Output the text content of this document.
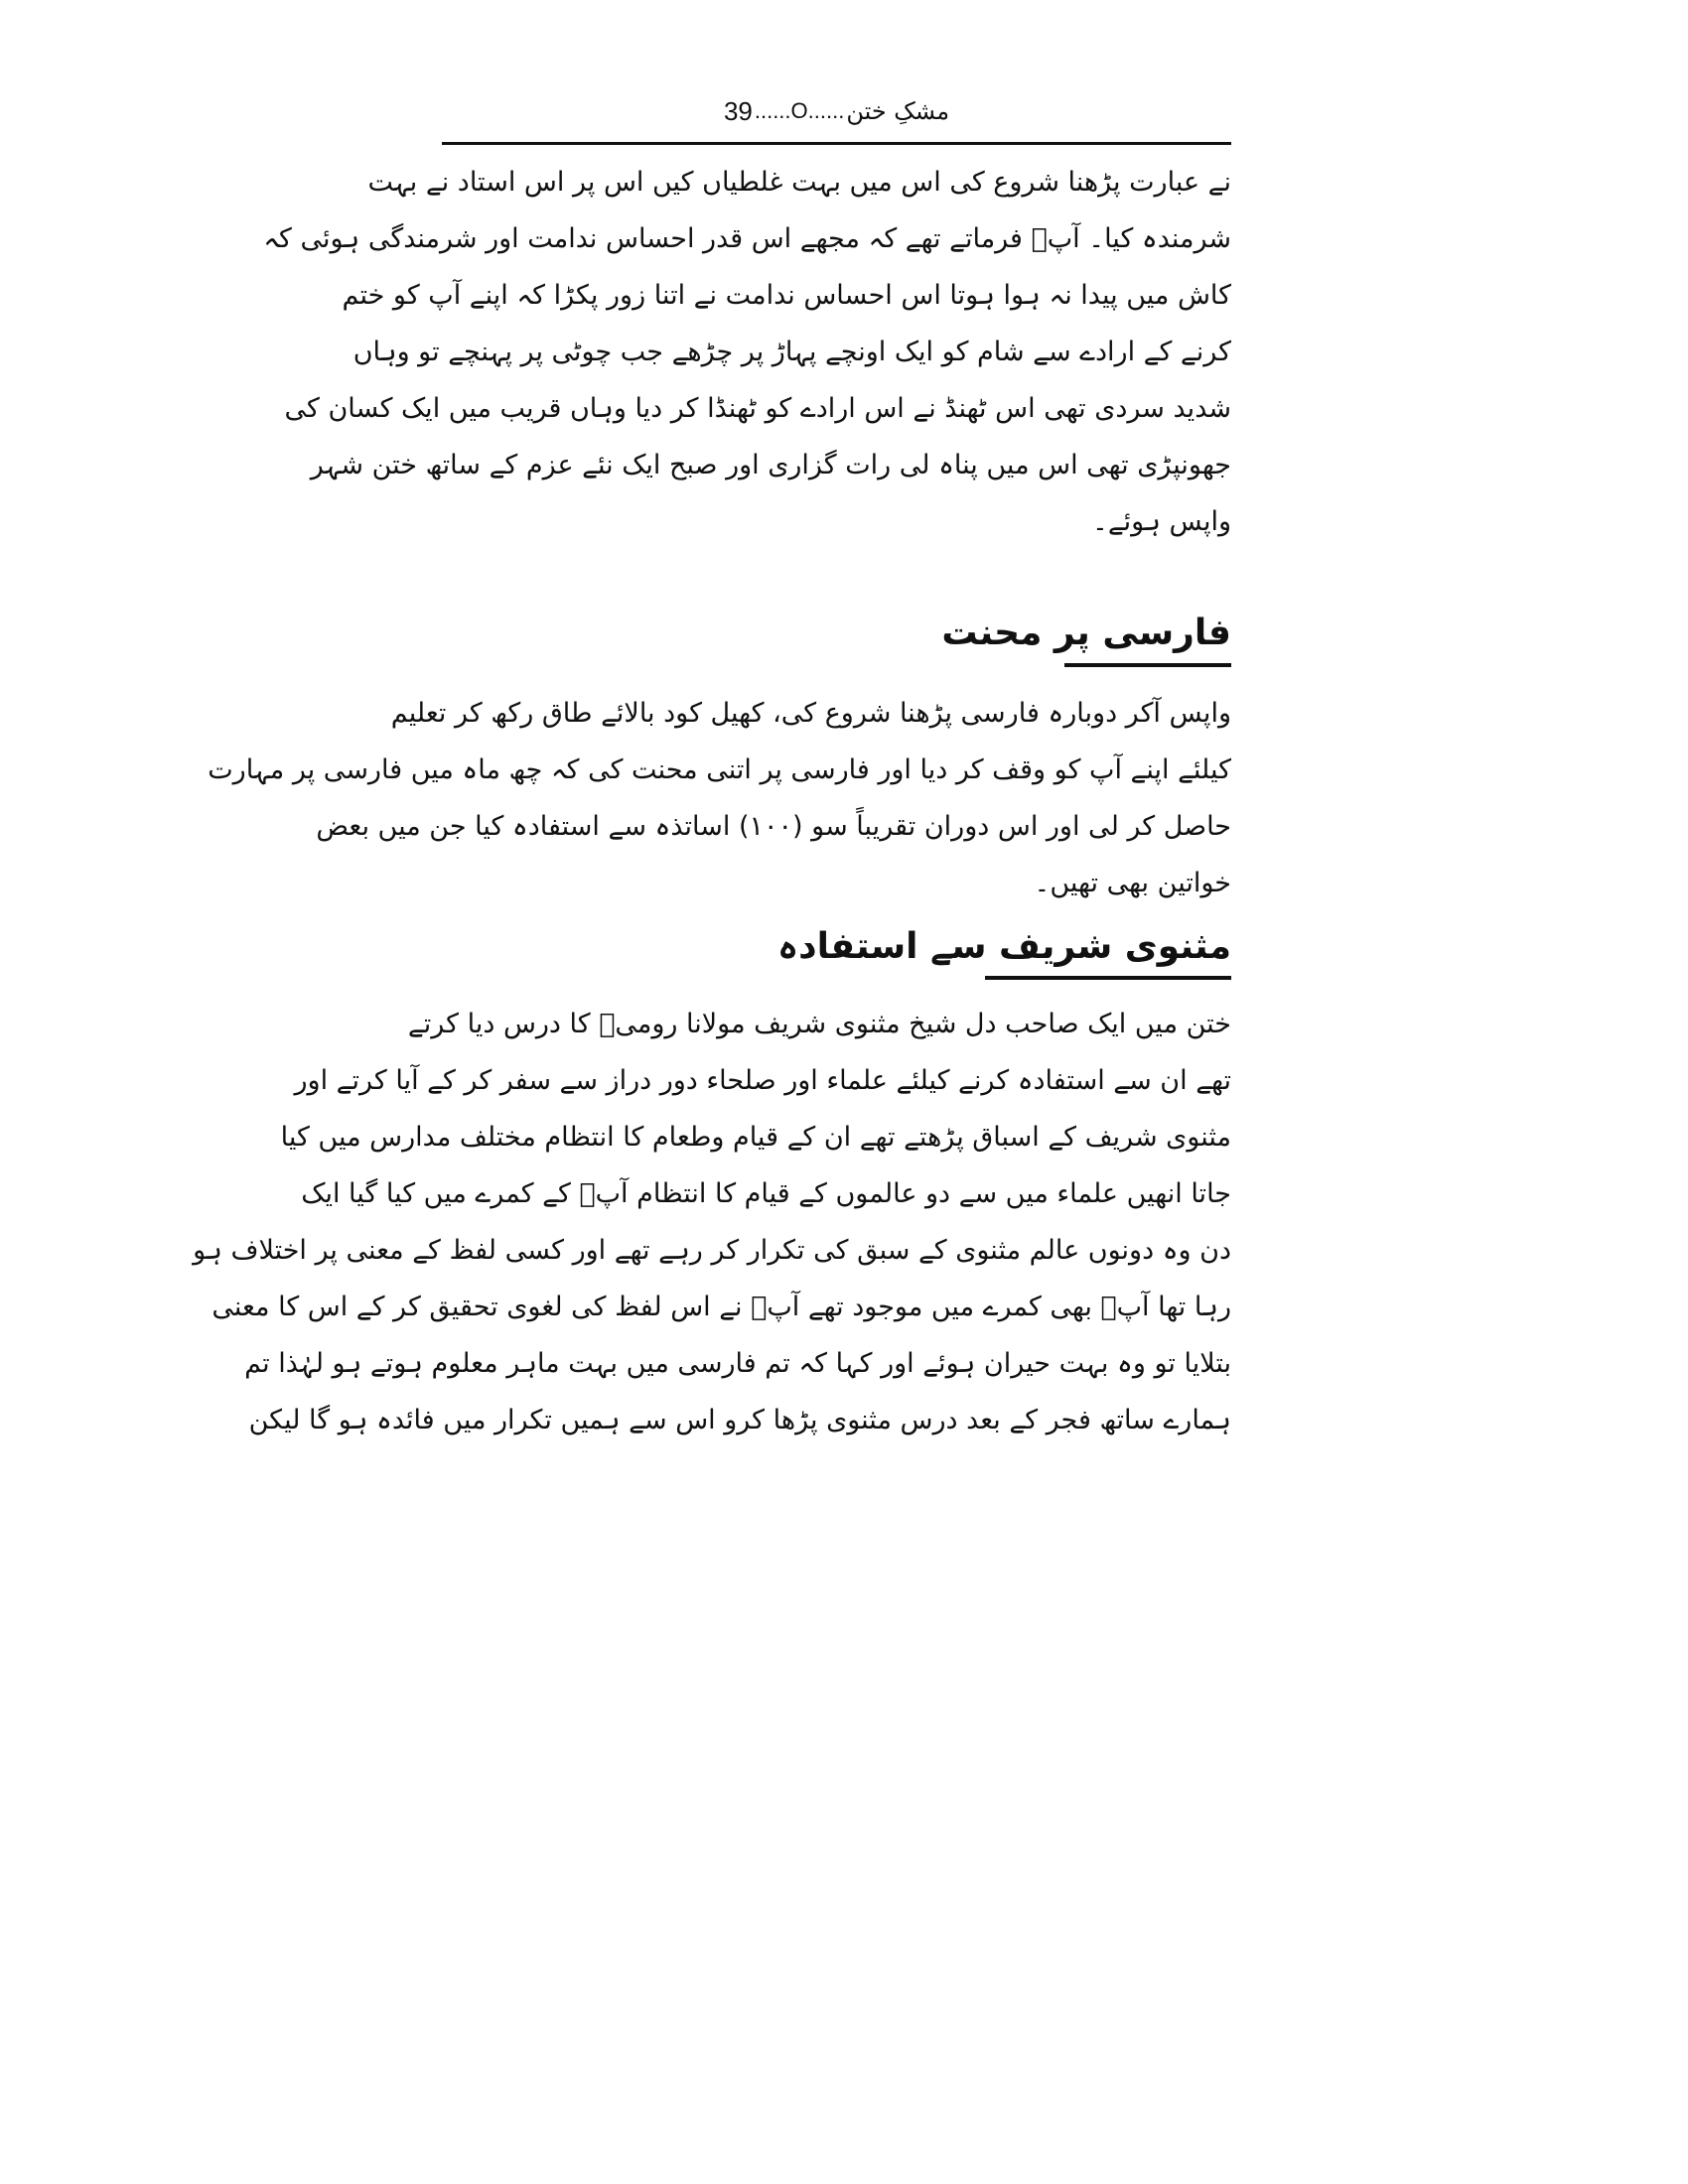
مشکِ ختن
......O......
39
نے عبارت پڑھنا شروع کی اس میں بہت غلطیاں کیں اس پر اس استاد نے بہت
شرمندہ کیا۔ آپؒ فرماتے تھے کہ مجھے اس قدر احساس ندامت اور شرمندگی ہوئی کہ
کاش میں پیدا نہ ہوا ہوتا اس احساس ندامت نے اتنا زور پکڑا کہ اپنے آپ کو ختم
کرنے کے ارادے سے شام کو ایک اونچے پہاڑ پر چڑھے جب چوٹی پر پہنچے تو وہاں
شدید سردی تھی اس ٹھنڈ نے اس ارادے کو ٹھنڈا کر دیا وہاں قریب میں ایک کسان کی
جھونپڑی تھی اس میں پناہ لی رات گزاری اور صبح ایک نئے عزم کے ساتھ ختن شہر
واپس ہوئے۔
فارسی پر محنت
واپس آکر دوبارہ فارسی پڑھنا شروع کی، کھیل کود بالائے طاق رکھ کر تعلیم
کیلئے اپنے آپ کو وقف کر دیا اور فارسی پر اتنی محنت کی کہ چھ ماہ میں فارسی پر مہارت
حاصل کر لی اور اس دوران تقریباً سو (۱۰۰) اساتذہ سے استفادہ کیا جن میں بعض
خواتین بھی تھیں۔
مثنوی شریف سے استفادہ
ختن میں ایک صاحب دل شیخ مثنوی شریف مولانا رومیؒ کا درس دیا کرتے
تھے ان سے استفادہ کرنے کیلئے علماء اور صلحاء دور دراز سے سفر کر کے آیا کرتے اور
مثنوی شریف کے اسباق پڑھتے تھے ان کے قیام وطعام کا انتظام مختلف مدارس میں کیا
جاتا انھیں علماء میں سے دو عالموں کے قیام کا انتظام آپؒ کے کمرے میں کیا گیا ایک
دن وہ دونوں عالم مثنوی کے سبق کی تکرار کر رہے تھے اور کسی لفظ کے معنی پر اختلاف ہو
رہا تھا آپؒ بھی کمرے میں موجود تھے آپؒ نے اس لفظ کی لغوی تحقیق کر کے اس کا معنی
بتلایا تو وہ بہت حیران ہوئے اور کہا کہ تم فارسی میں بہت ماہر معلوم ہوتے ہو لہٰذا تم
ہمارے ساتھ فجر کے بعد درس مثنوی پڑھا کرو اس سے ہمیں تکرار میں فائدہ ہو گا لیکن
